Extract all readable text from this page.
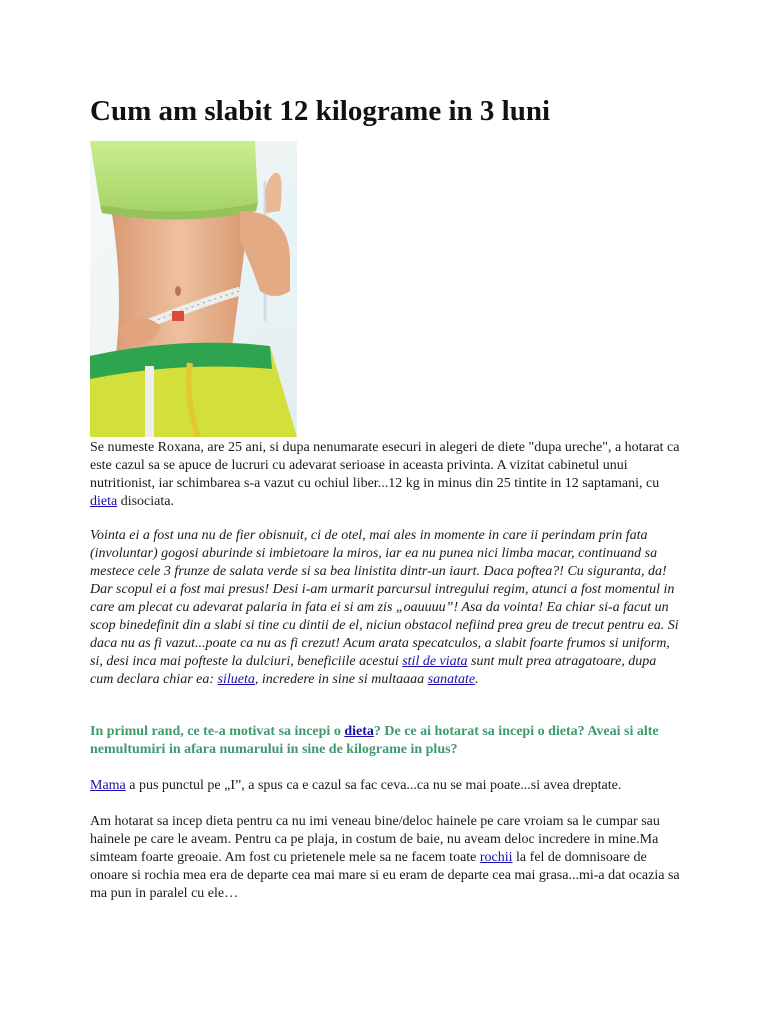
Cum am slabit 12 kilograme in 3 luni

Se numeste Roxana, are 25 ani, si dupa nenumarate esecuri in alegeri de diete "dupa ureche", a hotarat ca este cazul sa se apuce de lucruri cu adevarat serioase in aceasta privinta. A vizitat cabinetul unui nutritionist, iar schimbarea s-a vazut cu ochiul liber...12 kg in minus din 25 tintite in 12 saptamani, cu dieta disociata.

Vointa ei a fost una nu de fier obisnuit, ci de otel, mai ales in momente in care ii perindam prin fata (involuntar) gogosi aburinde si imbietoare la miros, iar ea nu punea nici limba macar, continuand sa mestece cele 3 frunze de salata verde si sa bea linistita dintr-un iaurt. Daca poftea?! Cu siguranta, da! Dar scopul ei a fost mai presus! Desi i-am urmarit parcursul intregului regim, atunci a fost momentul in care am plecat cu adevarat palaria in fata ei si am zis „oauuuu”! Asa da vointa! Ea chiar si-a facut un scop binedefinit din a slabi si tine cu dintii de el, niciun obstacol nefiind prea greu de trecut pentru ea. Si daca nu as fi vazut...poate ca nu as fi crezut! Acum arata specatculos, a slabit foarte frumos si uniform, si, desi inca mai pofteste la dulciuri, beneficiile acestui stil de viata sunt mult prea atragatoare, dupa cum declara chiar ea: silueta, incredere in sine si multaaaa sanatate.

In primul rand, ce te-a motivat sa incepi o dieta? De ce ai hotarat sa incepi o dieta? Aveai si alte nemultumiri in afara numarului in sine de kilograme in plus?

Mama a pus punctul pe „I”, a spus ca e cazul sa fac ceva...ca nu se mai poate...si avea dreptate.

Am hotarat sa incep dieta pentru ca nu imi veneau bine/deloc hainele pe care vroiam sa le cumpar sau hainele pe care le aveam. Pentru ca pe plaja, in costum de baie, nu aveam deloc incredere in mine.Ma simteam foarte greoaie. Am fost cu prietenele mele sa ne facem toate rochii la fel de domnisoare de onoare si rochia mea era de departe cea mai mare si eu eram de departe cea mai grasa...mi-a dat ocazia sa ma pun in paralel cu ele…
